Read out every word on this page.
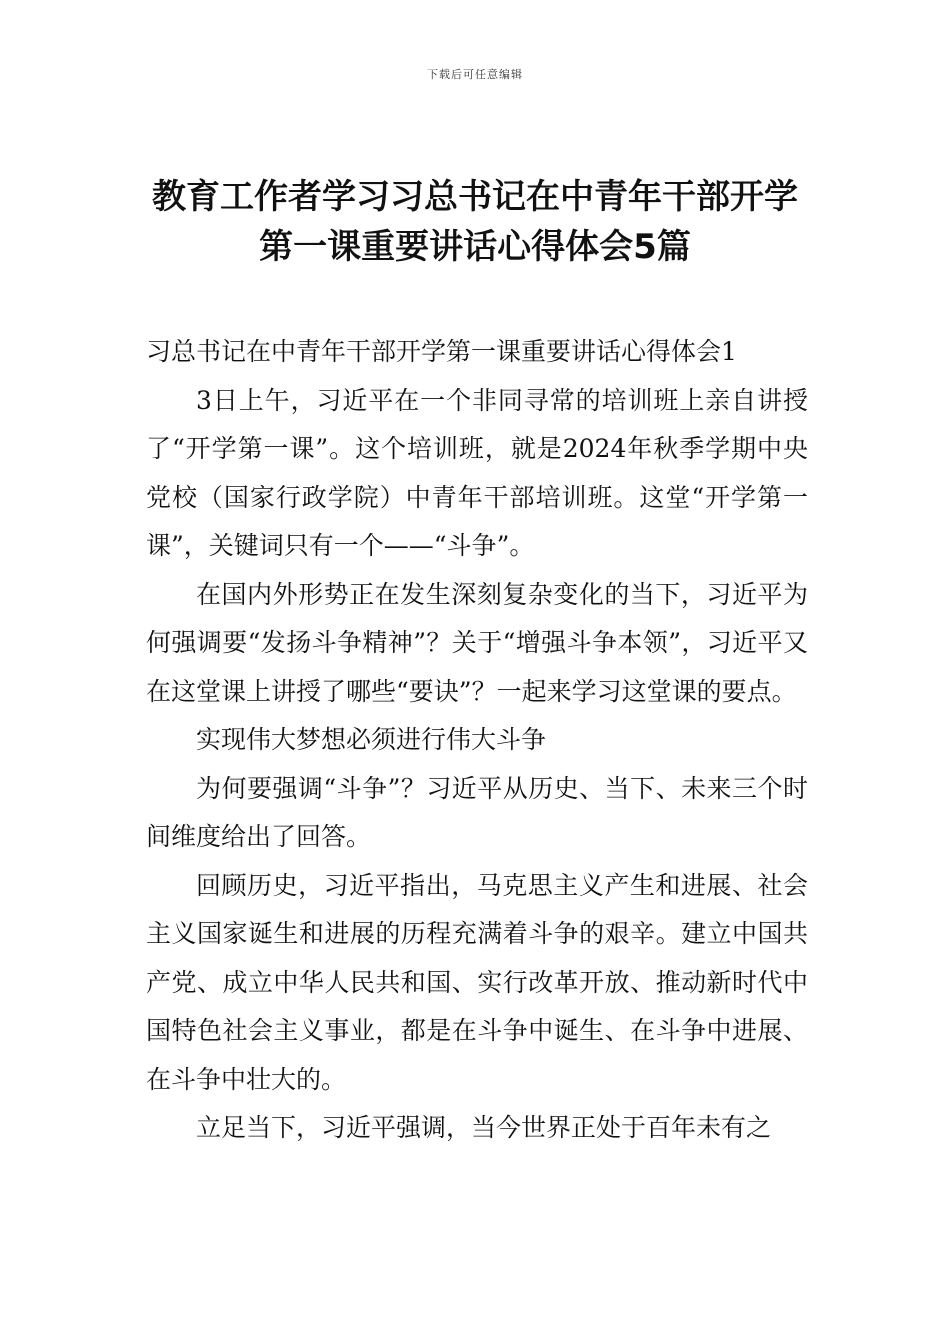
下载后可任意编辑
教育工作者学习习总书记在中青年干部开学第一课重要讲话心得体会5篇

习总书记在中青年干部开学第一课重要讲话心得体会1

3日上午，习近平在一个非同寻常的培训班上亲自讲授了“开学第一课”。这个培训班，就是2024年秋季学期中央党校（国家行政学院）中青年干部培训班。这堂“开学第一课”，关键词只有一个——“斗争”。

在国内外形势正在发生深刻复杂变化的当下，习近平为何强调要“发扬斗争精神”？关于“增强斗争本领”，习近平又在这堂课上讲授了哪些“要诀”？一起来学习这堂课的要点。

实现伟大梦想必须进行伟大斗争

为何要强调“斗争”？习近平从历史、当下、未来三个时间维度给出了回答。

回顾历史，习近平指出，马克思主义产生和进展、社会主义国家诞生和进展的历程充满着斗争的艰辛。建立中国共产党、成立中华人民共和国、实行改革开放、推动新时代中国特色社会主义事业，都是在斗争中诞生、在斗争中进展、在斗争中壮大的。

立足当下，习近平强调，当今世界正处于百年未有之
